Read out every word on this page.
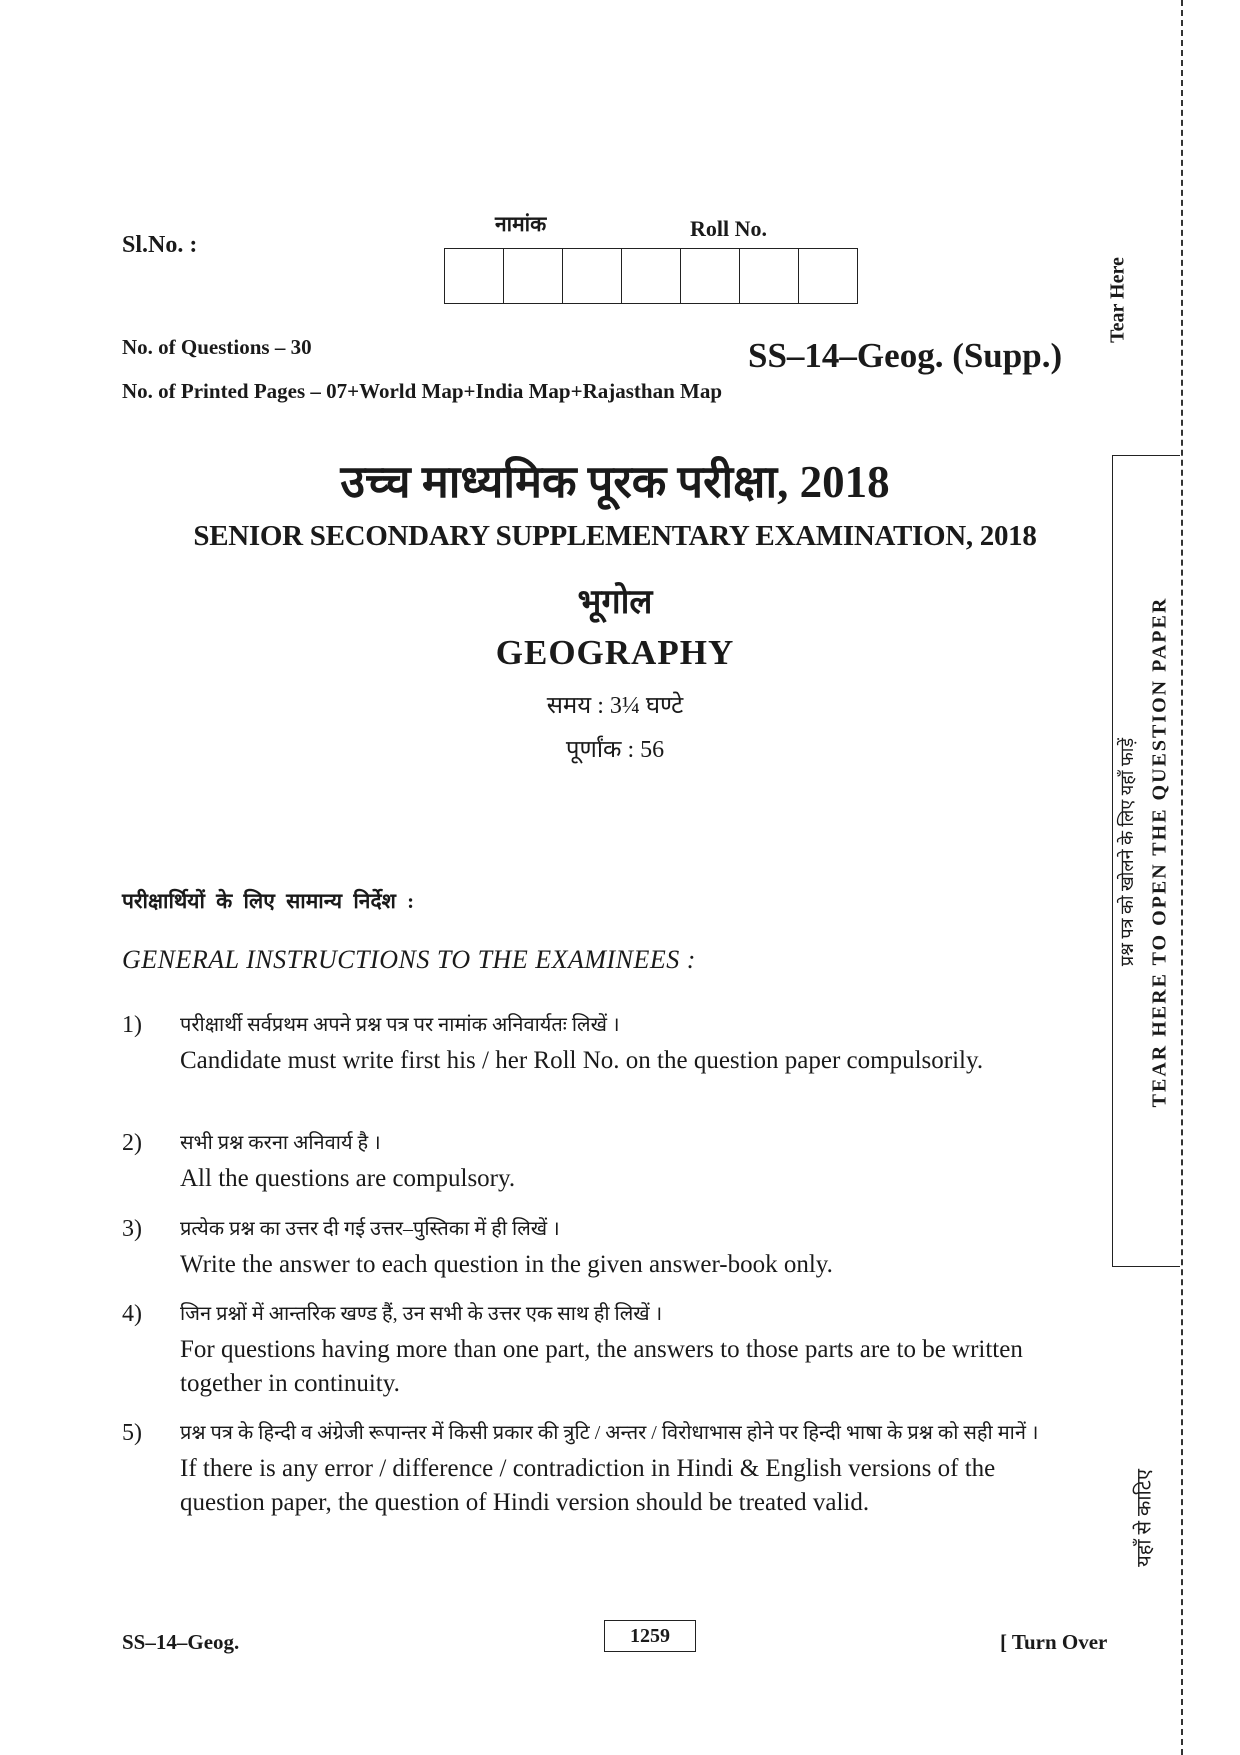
Sl.No. :
नामांक	Roll No.
No. of Questions – 30	SS–14–Geog. (Supp.)
No. of Printed Pages – 07+World Map+India Map+Rajasthan Map
उच्च माध्यमिक पूरक परीक्षा, 2018
SENIOR SECONDARY SUPPLEMENTARY EXAMINATION, 2018
भूगोल
GEOGRAPHY
समय : 3¼ घण्टे
पूर्णांक : 56
परीक्षार्थियों के लिए सामान्य निर्देश :
GENERAL INSTRUCTIONS TO THE EXAMINEES :
1) परीक्षार्थी सर्वप्रथम अपने प्रश्न पत्र पर नामांक अनिवार्यतः लिखें ।
Candidate must write first his / her Roll No. on the question paper compulsorily.
2) सभी प्रश्न करना अनिवार्य है ।
All the questions are compulsory.
3) प्रत्येक प्रश्न का उत्तर दी गई उत्तर–पुस्तिका में ही लिखें ।
Write the answer to each question in the given answer-book only.
4) जिन प्रश्नों में आन्तरिक खण्ड हैं, उन सभी के उत्तर एक साथ ही लिखें ।
For questions having more than one part, the answers to those parts are to be written together in continuity.
5) प्रश्न पत्र के हिन्दी व अंग्रेजी रूपान्तर में किसी प्रकार की त्रुटि / अन्तर / विरोधाभास होने पर हिन्दी भाषा के प्रश्न को सही मानें ।
If there is any error / difference / contradiction in Hindi & English versions of the question paper, the question of Hindi version should be treated valid.
SS–14–Geog.	1259	[ Turn Over
Tear Here
प्रश्न पत्र को खोलने के लिए यहाँ फाड़ें TEAR HERE TO OPEN THE QUESTION PAPER
यहाँ से काटिए
